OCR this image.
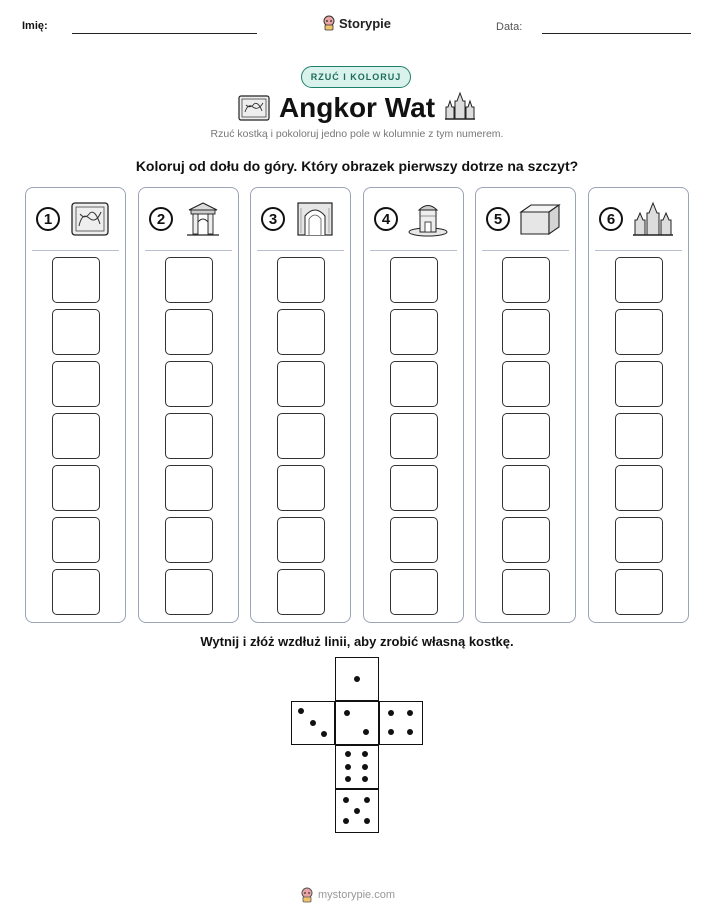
Imię:	Storypie	Data:
RZUĆ I KOLORUJ
Angkor Wat
Rzuć kostką i pokoloruj jedno pole w kolumnie z tym numerem.
Koloruj od dołu do góry. Który obrazek pierwszy dotrze na szczyt?
1	2	3	4	5	6
Wytnij i złóż wzdłuż linii, aby zrobić własną kostkę.
mystorypie.com
